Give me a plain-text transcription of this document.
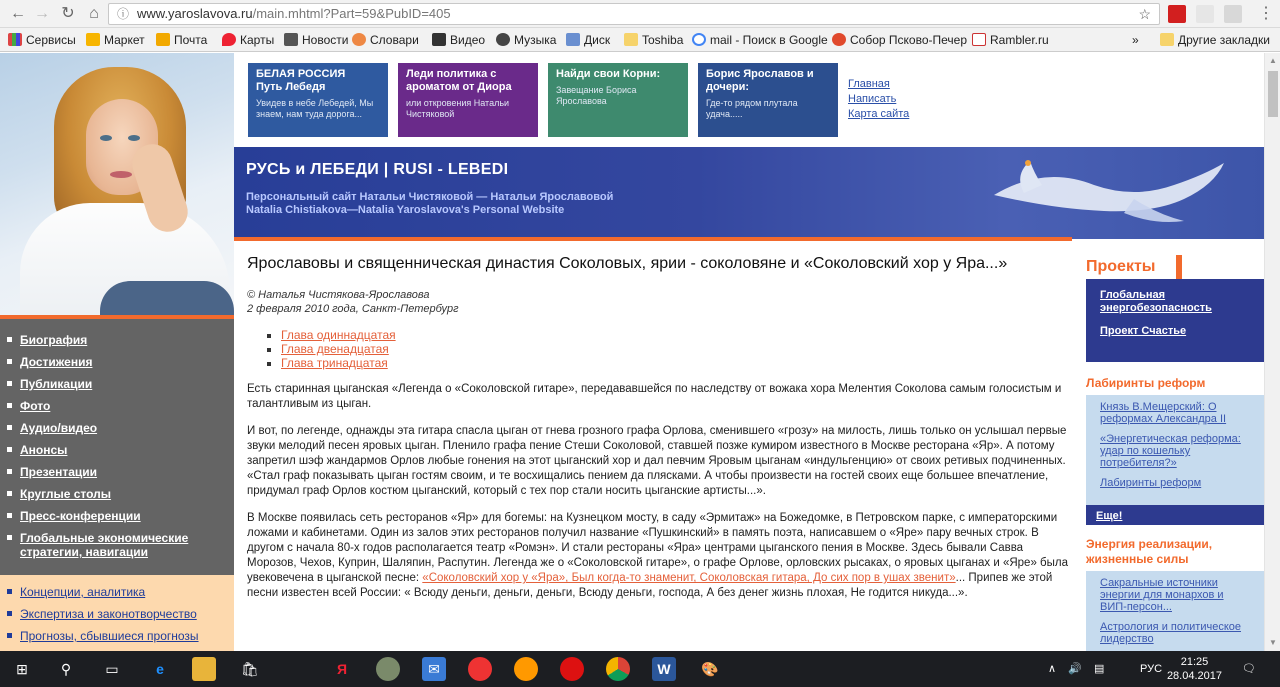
← → ↻ ⌂	ⓘ www.yaroslavova.ru/main.mhtml?Part=59&PubID=405	☆	⋮
Сервисы	Маркет	Почта	Карты	Новости	Словари	Видео	Музыка	Диск	Toshiba	mail - Поиск в Google	Собор Псково-Печер	Rambler.ru	»	Другие закладки
Биография
Достижения
Публикации
Фото
Аудио/видео
Анонсы
Презентации
Круглые столы
Пресс-конференции
Глобальные экономические стратегии, навигации
Концепции, аналитика
Экспертиза и законотворчество
Прогнозы, сбывшиеся прогнозы
БЕЛАЯ РОССИЯ
Путь Лебедя
Увидев в небе Лебедей, Мы знаем, нам туда дорога...
Леди политика с ароматом от Диора
или откровения Натальи Чистяковой
Найди свои Корни:
Завещание Бориса Ярославова
Борис Ярославов и дочери:
Где-то рядом плутала удача.....
Главная
Написать
Карта сайта
РУСЬ и ЛЕБЕДИ | RUSI - LEBEDI
Персональный сайт Натальи Чистяковой — Натальи Ярославовой
Natalia Chistiakova—Natalia Yaroslavova's Personal Website
Ярославовы и священническая династия Соколовых, ярии - соколовяне и «Соколовский хор у Яра...»
© Наталья Чистякова-Ярославова
2 февраля 2010 года, Санкт-Петербург
▪ Глава одиннадцатая
▪ Глава двенадцатая
▪ Глава тринадцатая

Есть старинная цыганская «Легенда о «Соколовской гитаре», передававшейся по наследству от вожака хора Мелентия Соколова самым голосистым и талантливым из цыган.

И вот, по легенде, однажды эта гитара спасла цыган от гнева грозного графа Орлова, сменившего «грозу» на милость, лишь только он услышал первые звуки мелодий песен яровых цыган. Пленило графа пение Стеши Соколовой, ставшей позже кумиром известного в Москве ресторана «Яр». А потому запретил шэф жандармов Орлов любые гонения на этот цыганский хор и дал певчим Яровым цыганам «индульгенцию» от своих ретивых подчиненных. «Стал граф показывать цыган гостям своим, и те восхищались пением да плясками. А чтобы произвести на гостей своих еще большее впечатление, придумал граф Орлов костюм цыганский, который с тех пор стали носить цыганские артисты...».

В Москве появилась сеть ресторанов «Яр» для богемы: на Кузнецком мосту, в саду «Эрмитаж» на Божедомке, в Петровском парке, с императорскими ложами и кабинетами. Один из залов этих ресторанов получил название «Пушкинский» в память поэта, написавшем о «Яре» пару вечных строк. В другом с начала 80-х годов располагается театр «Ромэн». И стали рестораны «Яра» центрами цыганского пения в Москве. Здесь бывали Савва Морозов, Чехов, Куприн, Шаляпин, Распутин. Легенда же о «Соколовской гитаре», о графе Орлове, орловских рысаках, о яровых цыганах и «Яре» была увековечена в цыганской песне: «Соколовский хор у «Яра», Был когда-то знаменит, Соколовская гитара, До сих пор в ушах звенит»... Припев же этой песни известен всей России: « Всюду деньги, деньги, деньги, Всюду деньги, господа, А без денег жизнь плохая, Не годится никуда...».

Проекты
Глобальная энергобезопасность
Проект Счастье
Лабиринты реформ
Князь В.Мещерский: О реформах Александра II
«Энергетическая реформа: удар по кошельку потребителя?»
Лабиринты реформ
Еще!
Энергия реализации, жизненные силы
Сакральные источники энергии для монархов и ВИП-персон...
Астрология и политическое лидерство
▲
▼
⊞	⚲	▭	e	🛍	Я	✉	W	🎨	∧ 🔊 ▤	РУС
21:25
28.04.2017
🗨
